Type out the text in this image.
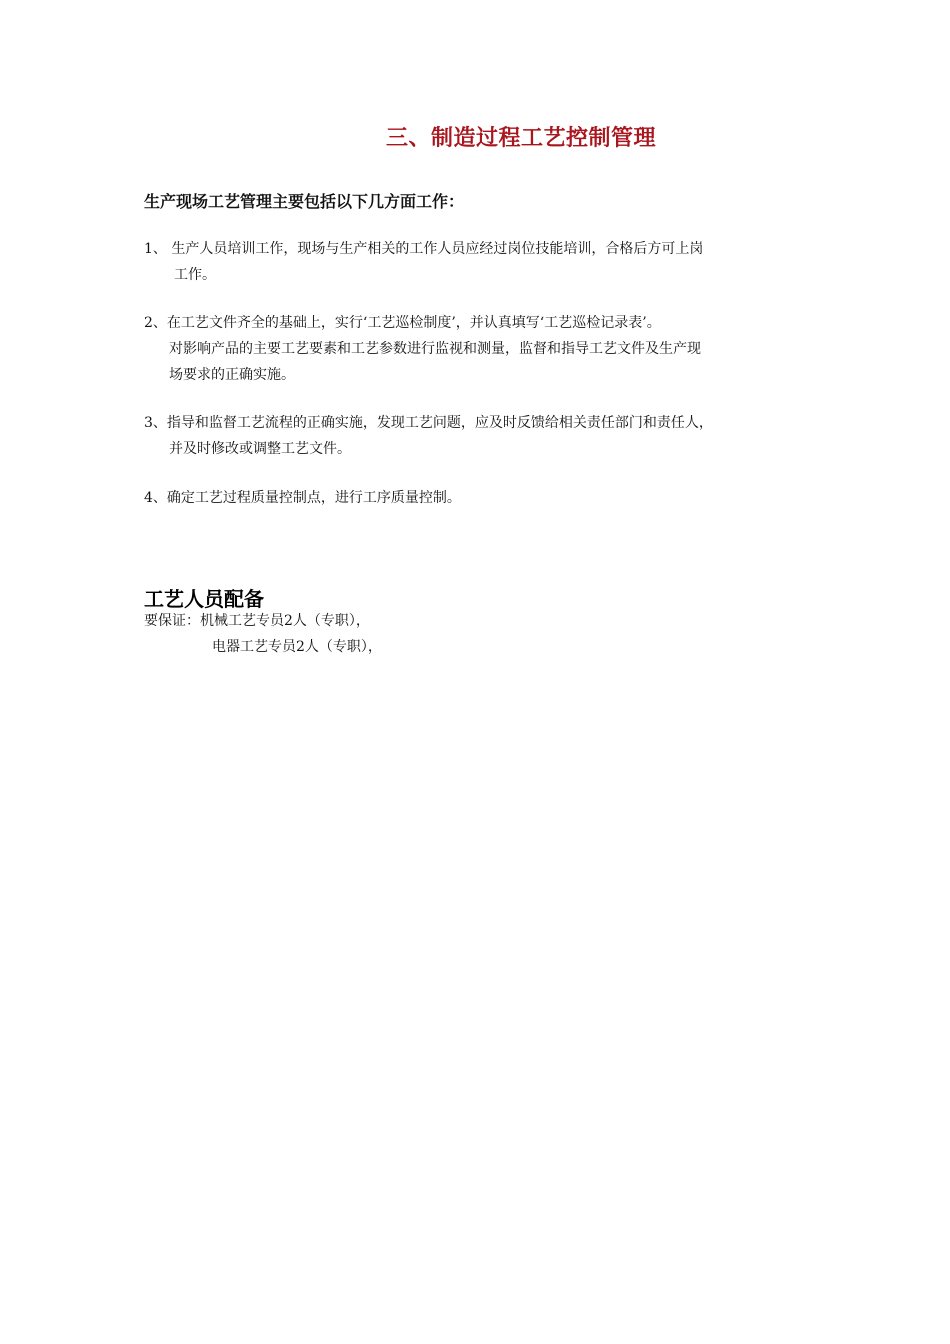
三、制造过程工艺控制管理

生产现场工艺管理主要包括以下几方面工作：

1、 生产人员培训工作，现场与生产相关的工作人员应经过岗位技能培训，合格后方可上岗
工作。
2、在工艺文件齐全的基础上，实行‘工艺巡检制度’，并认真填写‘工艺巡检记录表’。
对影响产品的主要工艺要素和工艺参数进行监视和测量，监督和指导工艺文件及生产现
场要求的正确实施。
3、指导和监督工艺流程的正确实施，发现工艺问题，应及时反馈给相关责任部门和责任人，
并及时修改或调整工艺文件。
4、确定工艺过程质量控制点，进行工序质量控制。
工艺人员配备

要保证：机械工艺专员2人（专职），

电器工艺专员2人（专职），
